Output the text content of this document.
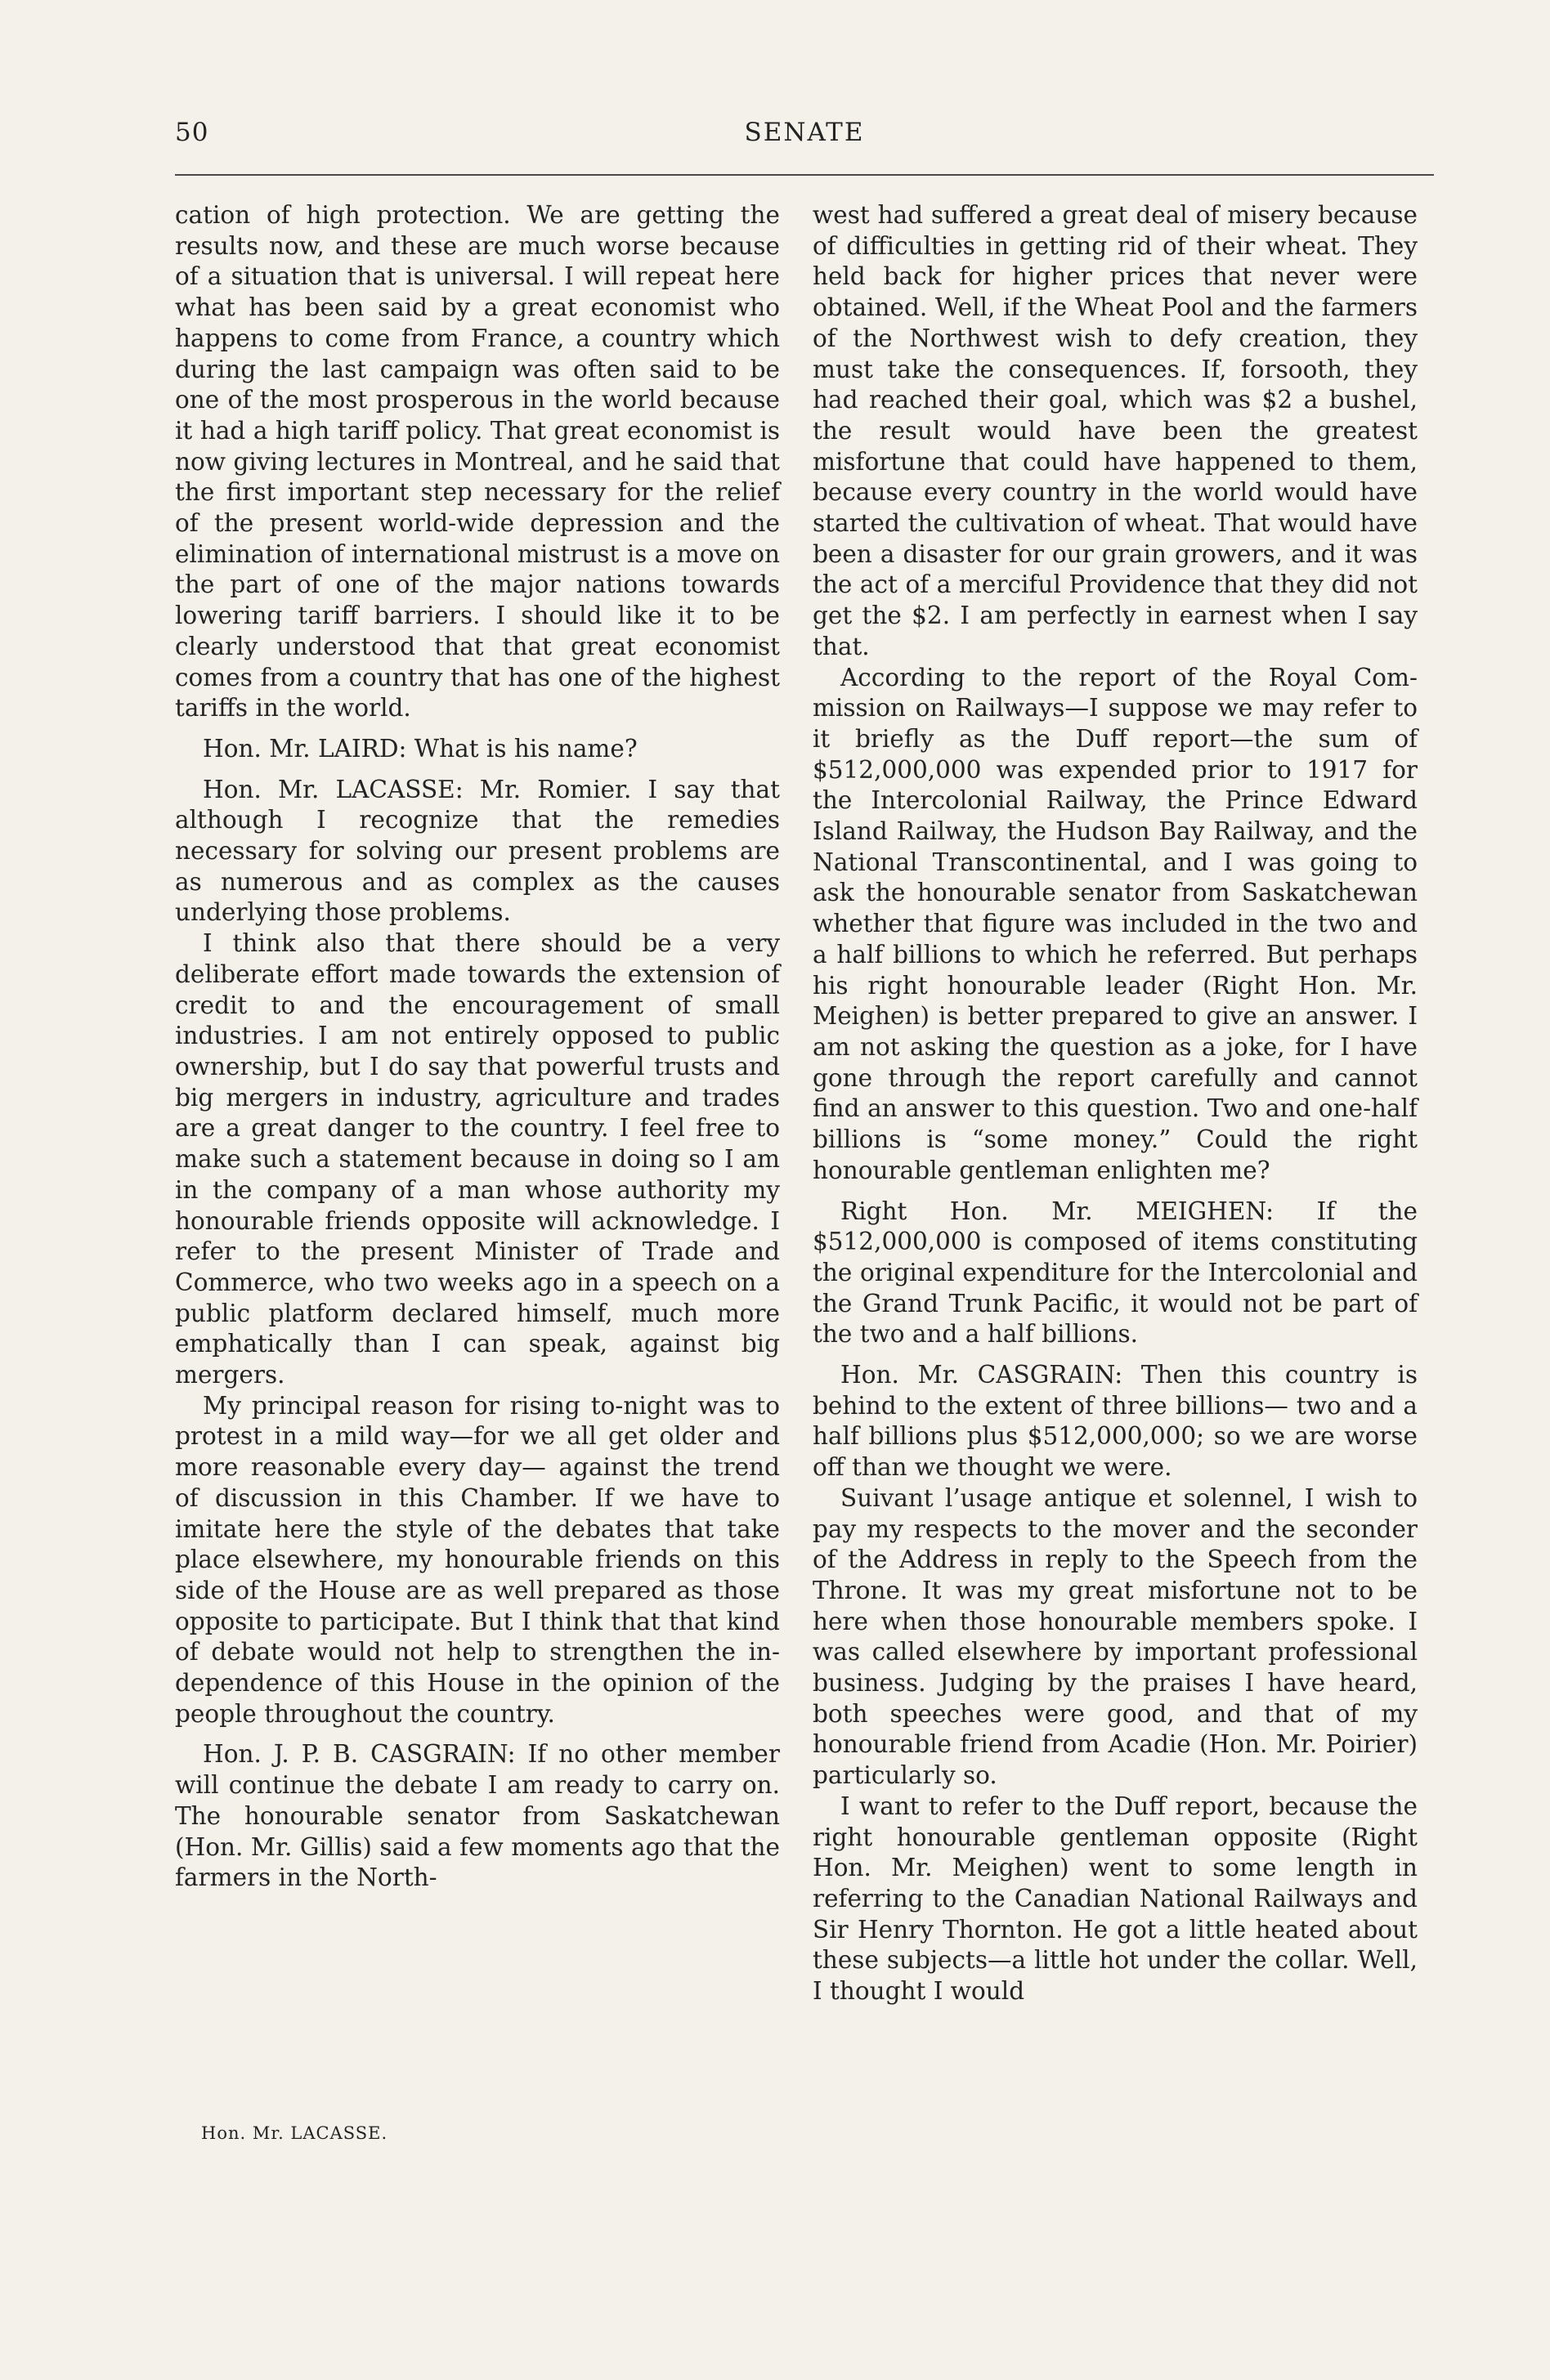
50	SENATE

cation of high protection. We are getting the results now, and these are much worse because of a situation that is universal. I will repeat here what has been said by a great economist who happens to come from France, a country which during the last campaign was often said to be one of the most prosperous in the world because it had a high tariff policy. That great economist is now giving lectures in Montreal, and he said that the first important step necessary for the relief of the present world-wide depression and the elimination of international mistrust is a move on the part of one of the major nations towards lowering tariff barriers. I should like it to be clearly understood that that great economist comes from a country that has one of the highest tariffs in the world.

Hon. Mr. LAIRD: What is his name?

Hon. Mr. LACASSE: Mr. Romier. I say that although I recognize that the remedies necessary for solving our present problems are as numerous and as complex as the causes underlying those problems.

I think also that there should be a very deliberate effort made towards the extension of credit to and the encouragement of small industries. I am not entirely opposed to public ownership, but I do say that powerful trusts and big mergers in industry, agriculture and trades are a great danger to the country. I feel free to make such a statement because in doing so I am in the company of a man whose authority my honourable friends opposite will acknowledge. I refer to the present Minister of Trade and Commerce, who two weeks ago in a speech on a public platform declared himself, much more emphatically than I can speak, against big mergers.

My principal reason for rising to-night was to protest in a mild way—for we all get older and more reasonable every day— against the trend of discussion in this Chamber. If we have to imitate here the style of the debates that take place elsewhere, my honourable friends on this side of the House are as well prepared as those opposite to participate. But I think that that kind of debate would not help to strengthen the independence of this House in the opinion of the people throughout the country.

Hon. J. P. B. CASGRAIN: If no other member will continue the debate I am ready to carry on. The honourable senator from Saskatchewan (Hon. Mr. Gillis) said a few moments ago that the farmers in the North-

west had suffered a great deal of misery because of difficulties in getting rid of their wheat. They held back for higher prices that never were obtained. Well, if the Wheat Pool and the farmers of the Northwest wish to defy creation, they must take the consequences. If, forsooth, they had reached their goal, which was $2 a bushel, the result would have been the greatest misfortune that could have happened to them, because every country in the world would have started the cultivation of wheat. That would have been a disaster for our grain growers, and it was the act of a merciful Providence that they did not get the $2. I am perfectly in earnest when I say that.

According to the report of the Royal Commission on Railways—I suppose we may refer to it briefly as the Duff report—the sum of $512,000,000 was expended prior to 1917 for the Intercolonial Railway, the Prince Edward Island Railway, the Hudson Bay Railway, and the National Transcontinental, and I was going to ask the honourable senator from Saskatchewan whether that figure was included in the two and a half billions to which he referred. But perhaps his right honourable leader (Right Hon. Mr. Meighen) is better prepared to give an answer. I am not asking the question as a joke, for I have gone through the report carefully and cannot find an answer to this question. Two and one-half billions is “some money.” Could the right honourable gentleman enlighten me?

Right Hon. Mr. MEIGHEN: If the $512,000,000 is composed of items constituting the original expenditure for the Intercolonial and the Grand Trunk Pacific, it would not be part of the two and a half billions.

Hon. Mr. CASGRAIN: Then this country is behind to the extent of three billions— two and a half billions plus $512,000,000; so we are worse off than we thought we were.

Suivant l’usage antique et solennel, I wish to pay my respects to the mover and the seconder of the Address in reply to the Speech from the Throne. It was my great misfortune not to be here when those honourable members spoke. I was called elsewhere by important professional business. Judging by the praises I have heard, both speeches were good, and that of my honourable friend from Acadie (Hon. Mr. Poirier) particularly so.

I want to refer to the Duff report, because the right honourable gentleman opposite (Right Hon. Mr. Meighen) went to some length in referring to the Canadian National Railways and Sir Henry Thornton. He got a little heated about these subjects—a little hot under the collar. Well, I thought I would

Hon. Mr. LACASSE.
